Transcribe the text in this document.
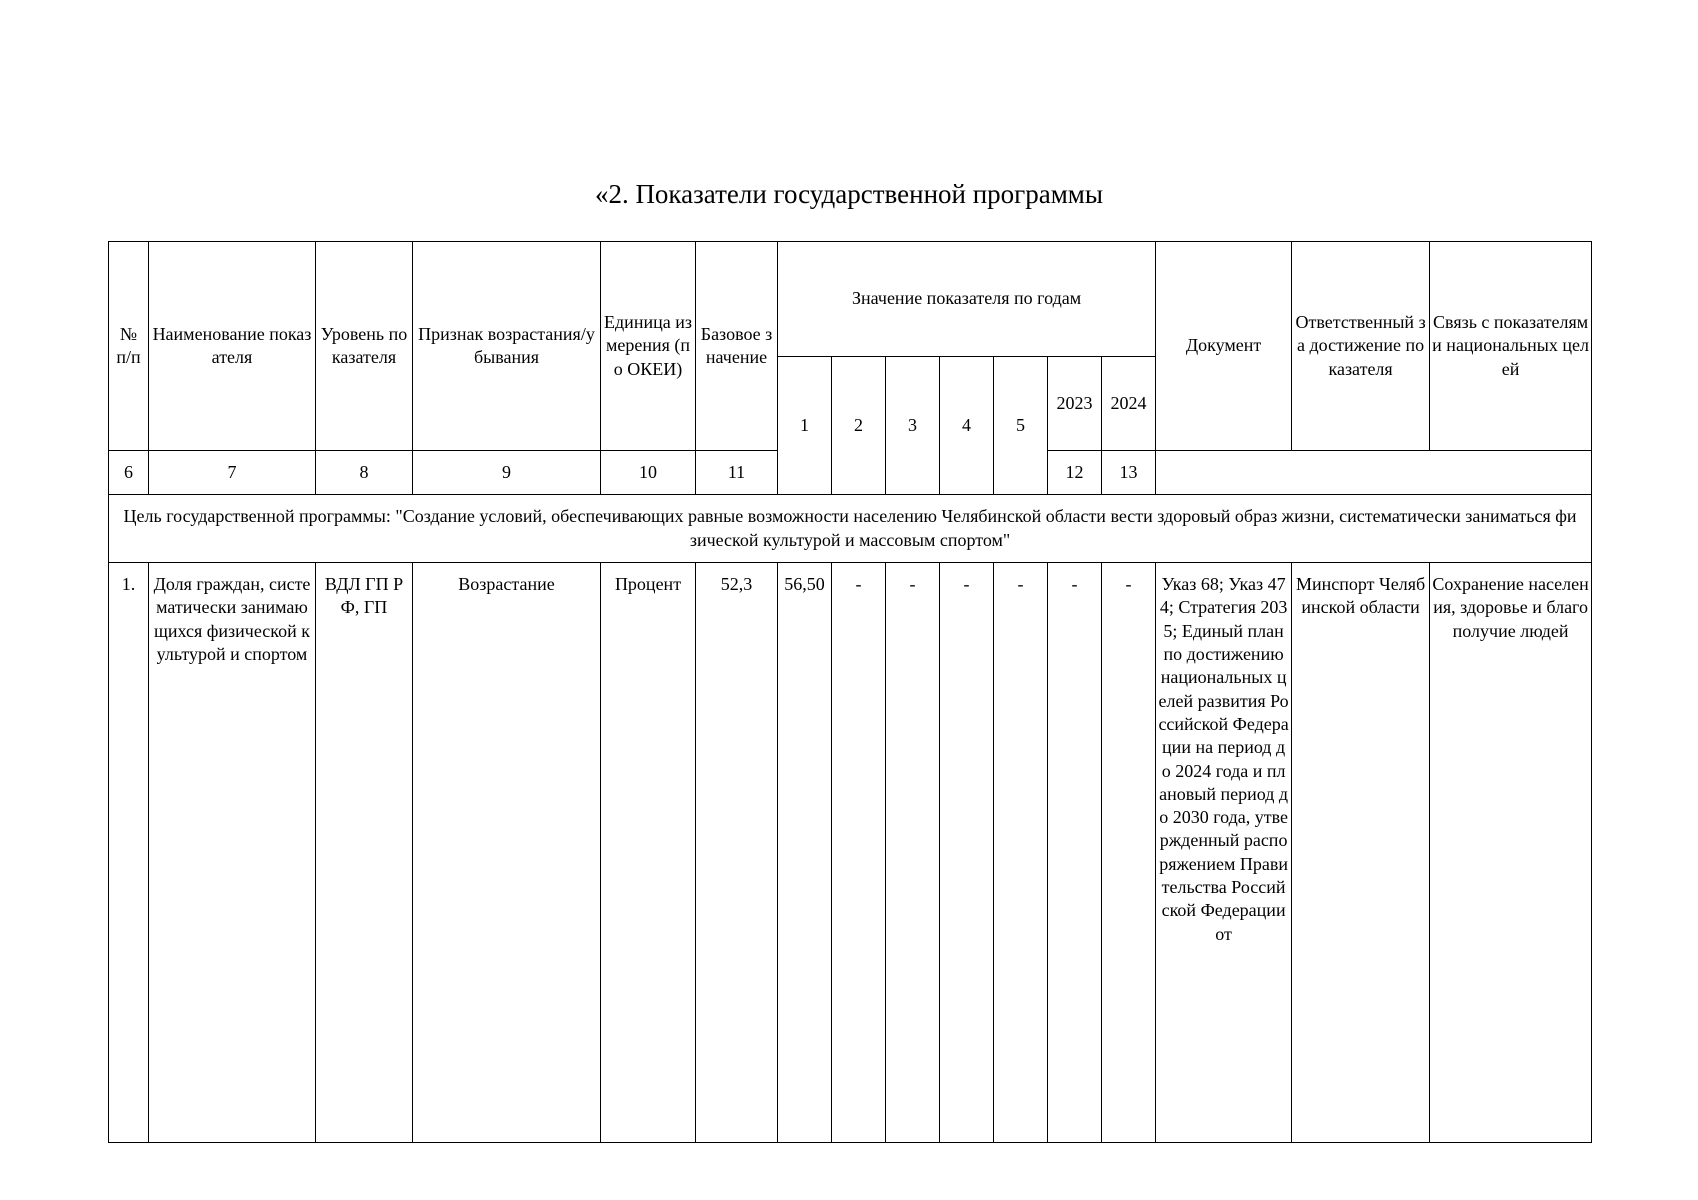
«2. Показатели государственной программы
№ п/п	Наименование показателя	Уровень показателя	Признак возрастания/убывания	Единица измерения (по ОКЕИ)	Базовое значение	Значение показателя по годам							Документ	Ответственный за достижение показателя	Связь с показателями национальных целей	
						1	2	3	4	5	2023	2024									
6	7	8	9	10	11						12	13				
Цель государственной программы: "Создание условий, обеспечивающих равные возможности населению Челябинской области вести здоровый образ жизни, систематически заниматься физической культурой и массовым спортом"																
1.	Доля граждан, систематически занимающихся физической культурой и спортом	ВДЛ ГП РФ, ГП	Возрастание	Процент	52,3	56,50	-	-	-	-	-	-	Указ 68; Указ 474; Стратегия 2035; Единый план по достижению национальных целей развития Российской Федерации на период до 2024 года и плановый период до 2030 года, утвержденный распоряжением Правительства Российской Федерации от	Минспорт Челябинской области	Сохранение населения, здоровье и благополучие людей	
